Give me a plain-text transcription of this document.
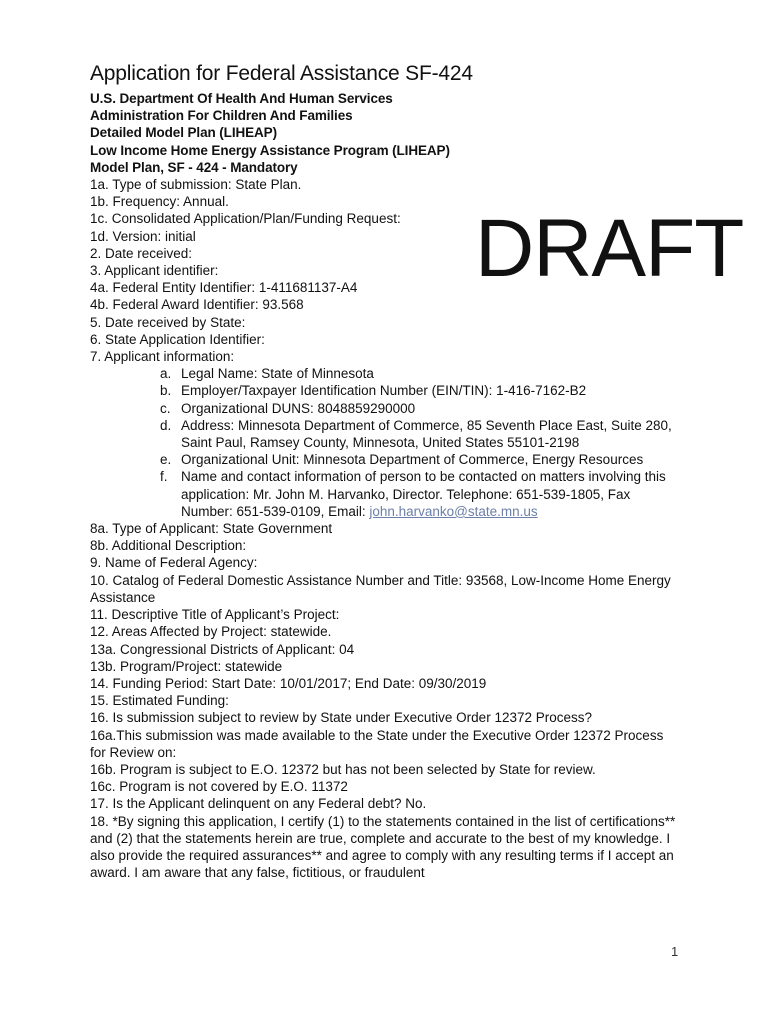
DRAFT
Application for Federal Assistance SF-424
U.S. Department Of Health And Human Services
Administration For Children And Families
Detailed Model Plan (LIHEAP)
Low Income Home Energy Assistance Program (LIHEAP)
Model Plan, SF - 424 - Mandatory
1a. Type of submission: State Plan.
1b. Frequency: Annual.
1c. Consolidated Application/Plan/Funding Request:
1d. Version: initial
2. Date received:
3. Applicant identifier:
4a. Federal Entity Identifier: 1-411681137-A4
4b. Federal Award Identifier: 93.568
5. Date received by State:
6. State Application Identifier:
7. Applicant information:
a. Legal Name: State of Minnesota
b. Employer/Taxpayer Identification Number (EIN/TIN): 1-416-7162-B2
c. Organizational DUNS: 8048859290000
d. Address: Minnesota Department of Commerce, 85 Seventh Place East, Suite 280, Saint Paul, Ramsey County, Minnesota, United States 55101-2198
e. Organizational Unit: Minnesota Department of Commerce, Energy Resources
f. Name and contact information of person to be contacted on matters involving this application: Mr. John M. Harvanko, Director. Telephone: 651-539-1805, Fax Number: 651-539-0109, Email: john.harvanko@state.mn.us
8a. Type of Applicant: State Government
8b. Additional Description:
9. Name of Federal Agency:
10. Catalog of Federal Domestic Assistance Number and Title: 93568, Low-Income Home Energy Assistance
11. Descriptive Title of Applicant’s Project:
12. Areas Affected by Project: statewide.
13a. Congressional Districts of Applicant: 04
13b. Program/Project: statewide
14. Funding Period: Start Date: 10/01/2017; End Date: 09/30/2019
15. Estimated Funding:
16. Is submission subject to review by State under Executive Order 12372 Process?
16a.This submission was made available to the State under the Executive Order 12372 Process for Review on:
16b. Program is subject to E.O. 12372 but has not been selected by State for review.
16c. Program is not covered by E.O. 11372
17. Is the Applicant delinquent on any Federal debt? No.
18. *By signing this application, I certify (1) to the statements contained in the list of certifications** and (2) that the statements herein are true, complete and accurate to the best of my knowledge. I also provide the required assurances** and agree to comply with any resulting terms if I accept an award. I am aware that any false, fictitious, or fraudulent
1
